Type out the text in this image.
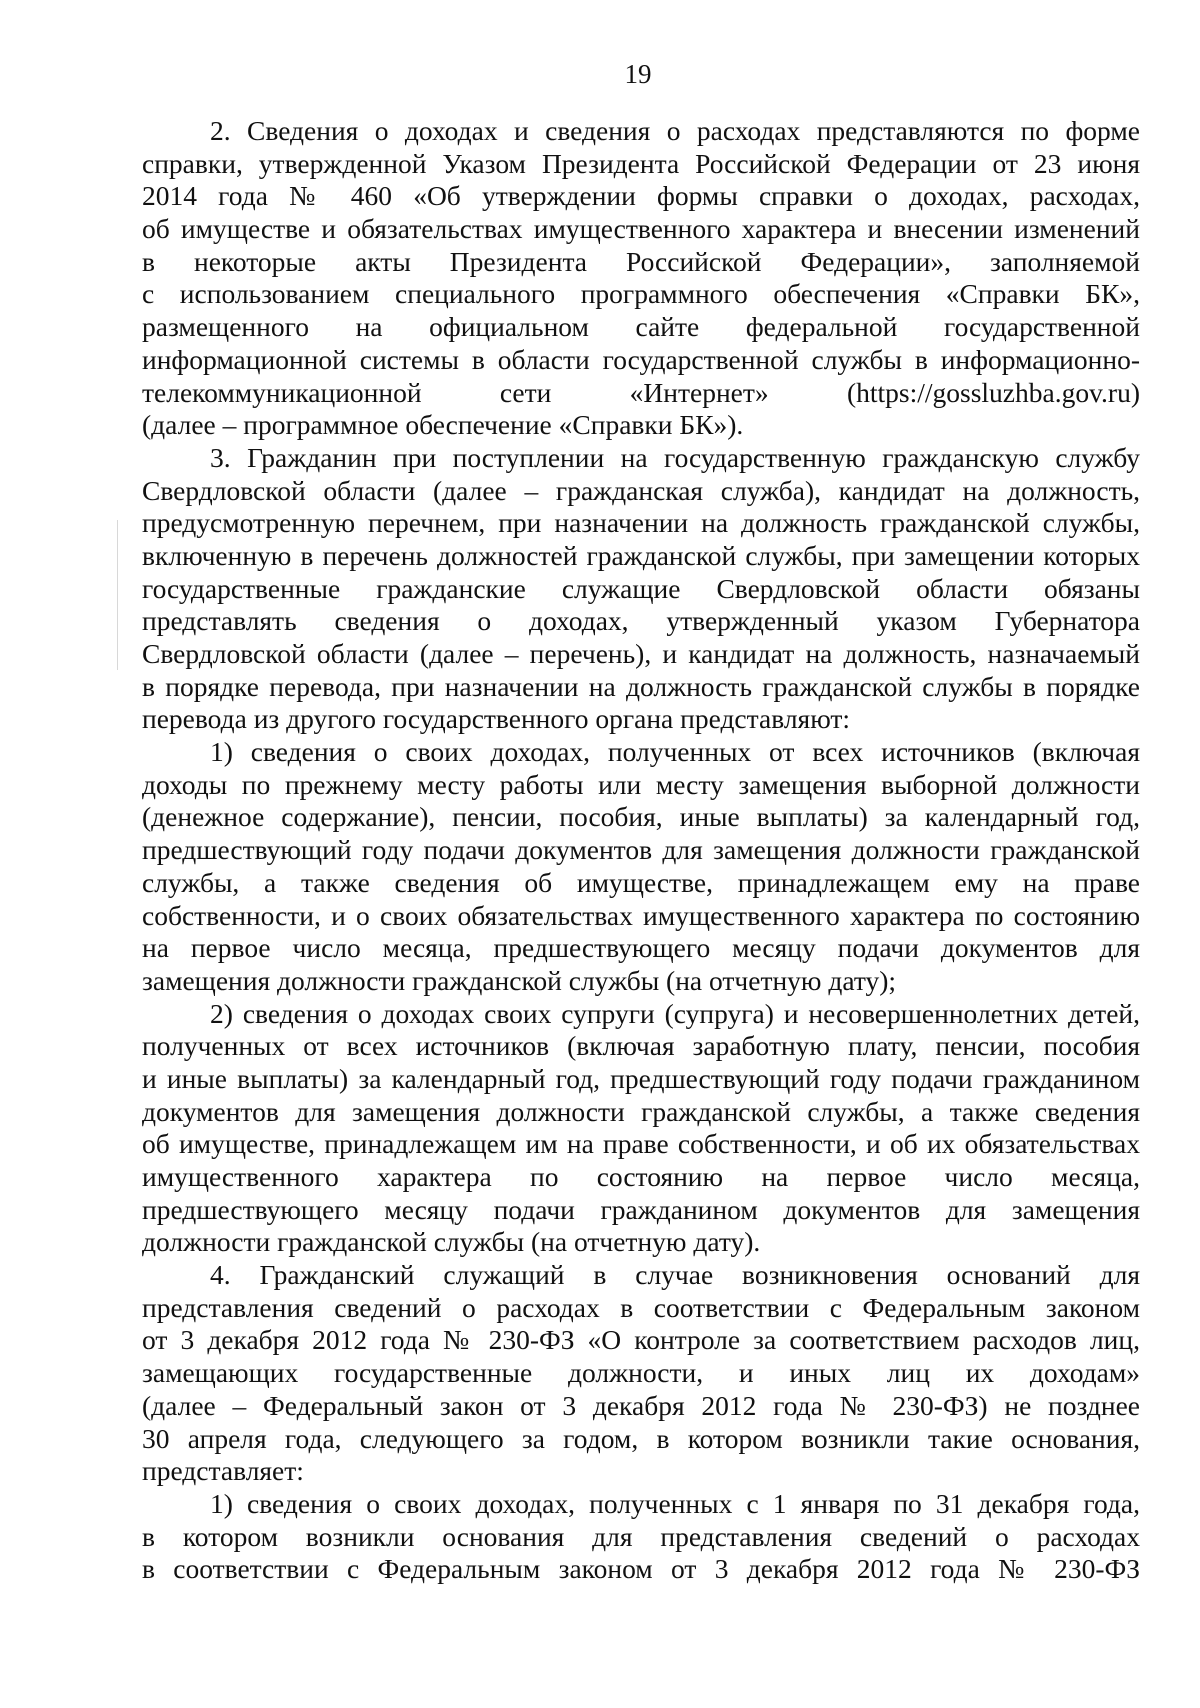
19
2. Сведения о доходах и сведения о расходах представляются по форме
справки, утвержденной Указом Президента Российской Федерации от 23 июня
2014 года № 460 «Об утверждении формы справки о доходах, расходах,
об имуществе и обязательствах имущественного характера и внесении изменений
в некоторые акты Президента Российской Федерации», заполняемой
с использованием специального программного обеспечения «Справки БК»,
размещенного на официальном сайте федеральной государственной
информационной системы в области государственной службы в информационно-
телекоммуникационной сети «Интернет» (https://gossluzhba.gov.ru)
(далее – программное обеспечение «Справки БК»).
3. Гражданин при поступлении на государственную гражданскую службу
Свердловской области (далее – гражданская служба), кандидат на должность,
предусмотренную перечнем, при назначении на должность гражданской службы,
включенную в перечень должностей гражданской службы, при замещении которых
государственные гражданские служащие Свердловской области обязаны
представлять сведения о доходах, утвержденный указом Губернатора
Свердловской области (далее – перечень), и кандидат на должность, назначаемый
в порядке перевода, при назначении на должность гражданской службы в порядке
перевода из другого государственного органа представляют:
1) сведения о своих доходах, полученных от всех источников (включая
доходы по прежнему месту работы или месту замещения выборной должности
(денежное содержание), пенсии, пособия, иные выплаты) за календарный год,
предшествующий году подачи документов для замещения должности гражданской
службы, а также сведения об имуществе, принадлежащем ему на праве
собственности, и о своих обязательствах имущественного характера по состоянию
на первое число месяца, предшествующего месяцу подачи документов для
замещения должности гражданской службы (на отчетную дату);
2) сведения о доходах своих супруги (супруга) и несовершеннолетних детей,
полученных от всех источников (включая заработную плату, пенсии, пособия
и иные выплаты) за календарный год, предшествующий году подачи гражданином
документов для замещения должности гражданской службы, а также сведения
об имуществе, принадлежащем им на праве собственности, и об их обязательствах
имущественного характера по состоянию на первое число месяца,
предшествующего месяцу подачи гражданином документов для замещения
должности гражданской службы (на отчетную дату).
4. Гражданский служащий в случае возникновения оснований для
представления сведений о расходах в соответствии с Федеральным законом
от 3 декабря 2012 года № 230-ФЗ «О контроле за соответствием расходов лиц,
замещающих государственные должности, и иных лиц их доходам»
(далее – Федеральный закон от 3 декабря 2012 года № 230-ФЗ) не позднее
30 апреля года, следующего за годом, в котором возникли такие основания,
представляет:
1) сведения о своих доходах, полученных с 1 января по 31 декабря года,
в котором возникли основания для представления сведений о расходах
в соответствии с Федеральным законом от 3 декабря 2012 года № 230-ФЗ
